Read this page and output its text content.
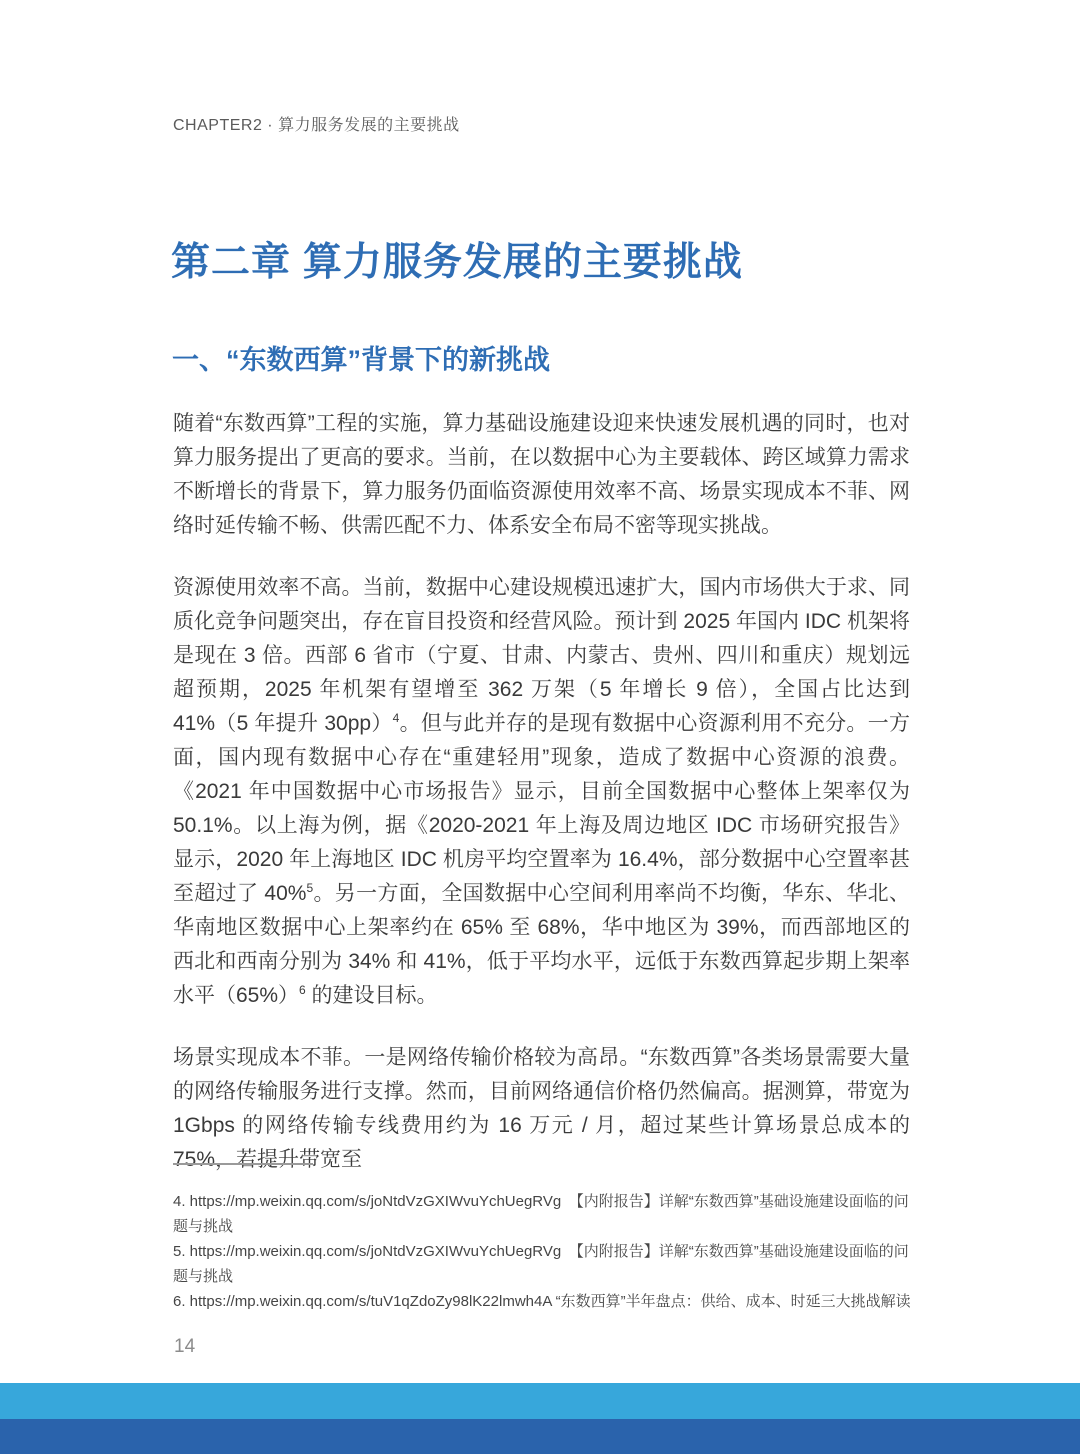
CHAPTER2 · 算力服务发展的主要挑战
第二章 算力服务发展的主要挑战
一、“东数西算”背景下的新挑战

随着“东数西算”工程的实施，算力基础设施建设迎来快速发展机遇的同时，也对算力服务提出了更高的要求。当前，在以数据中心为主要载体、跨区域算力需求不断增长的背景下，算力服务仍面临资源使用效率不高、场景实现成本不菲、网络时延传输不畅、供需匹配不力、体系安全布局不密等现实挑战。

资源使用效率不高。当前，数据中心建设规模迅速扩大，国内市场供大于求、同质化竞争问题突出，存在盲目投资和经营风险。预计到 2025 年国内 IDC 机架将是现在 3 倍。西部 6 省市（宁夏、甘肃、内蒙古、贵州、四川和重庆）规划远超预期，2025 年机架有望增至 362 万架（5 年增长 9 倍），全国占比达到 41%（5 年提升 30pp）$^4$。但与此并存的是现有数据中心资源利用不充分。一方面，国内现有数据中心存在“重建轻用”现象，造成了数据中心资源的浪费。《2021 年中国数据中心市场报告》显示，目前全国数据中心整体上架率仅为 50.1%。以上海为例，据《2020-2021 年上海及周边地区 IDC 市场研究报告》显示，2020 年上海地区 IDC 机房平均空置率为 16.4%，部分数据中心空置率甚至超过了 40%$^5$。另一方面，全国数据中心空间利用率尚不均衡，华东、华北、华南地区数据中心上架率约在 65% 至 68%，华中地区为 39%，而西部地区的西北和西南分别为 34% 和 41%，低于平均水平，远低于东数西算起步期上架率水平$(65\%)^6$ 的建设目标。

场景实现成本不菲。一是网络传输价格较为高昂。“东数西算”各类场景需要大量的网络传输服务进行支撑。然而，目前网络通信价格仍然偏高。据测算，带宽为 1Gbps 的网络传输专线费用约为 16 万元 / 月，超过某些计算场景总成本的 75%，若提升带宽至

4. https://mp.weixin.qq.com/s/joNtdVzGXIWvuYchUegRVg　【内附报告】详解“东数西算”基础设施建设面临的问题与挑战

5. https://mp.weixin.qq.com/s/joNtdVzGXIWvuYchUegRVg　【内附报告】详解“东数西算”基础设施建设面临的问题与挑战

6. https://mp.weixin.qq.com/s/tuV1qZdoZy98lK22lmwh4A “东数西算”半年盘点：供给、成本、时延三大挑战解读

14
